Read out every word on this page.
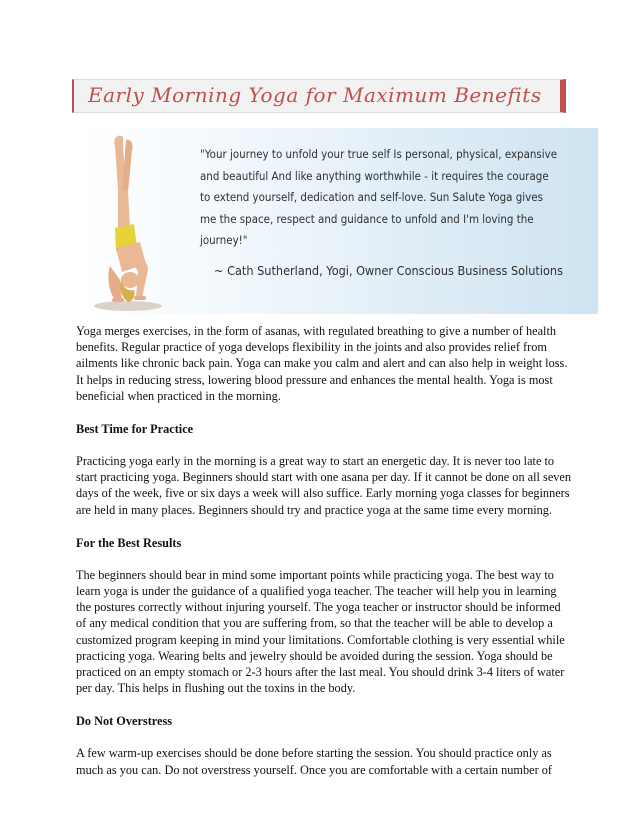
Early Morning Yoga for Maximum Benefits
"Your journey to unfold your true self Is personal, physical, expansive and beautiful And like anything worthwhile - it requires the courage to extend yourself, dedication and self-love. Sun Salute Yoga gives me the space, respect and guidance to unfold and I'm loving the journey!"
~ Cath Sutherland, Yogi, Owner Conscious Business Solutions

Yoga merges exercises, in the form of asanas, with regulated breathing to give a number of health benefits. Regular practice of yoga develops flexibility in the joints and also provides relief from ailments like chronic back pain. Yoga can make you calm and alert and can also help in weight loss. It helps in reducing stress, lowering blood pressure and enhances the mental health. Yoga is most beneficial when practiced in the morning.

Best Time for Practice

Practicing yoga early in the morning is a great way to start an energetic day. It is never too late to start practicing yoga. Beginners should start with one asana per day. If it cannot be done on all seven days of the week, five or six days a week will also suffice. Early morning yoga classes for beginners are held in many places. Beginners should try and practice yoga at the same time every morning.

For the Best Results

The beginners should bear in mind some important points while practicing yoga. The best way to learn yoga is under the guidance of a qualified yoga teacher. The teacher will help you in learning the postures correctly without injuring yourself. The yoga teacher or instructor should be informed of any medical condition that you are suffering from, so that the teacher will be able to develop a customized program keeping in mind your limitations. Comfortable clothing is very essential while practicing yoga. Wearing belts and jewelry should be avoided during the session. Yoga should be practiced on an empty stomach or 2-3 hours after the last meal. You should drink 3-4 liters of water per day. This helps in flushing out the toxins in the body.

Do Not Overstress

A few warm-up exercises should be done before starting the session. You should practice only as much as you can. Do not overstress yourself. Once you are comfortable with a certain number of
